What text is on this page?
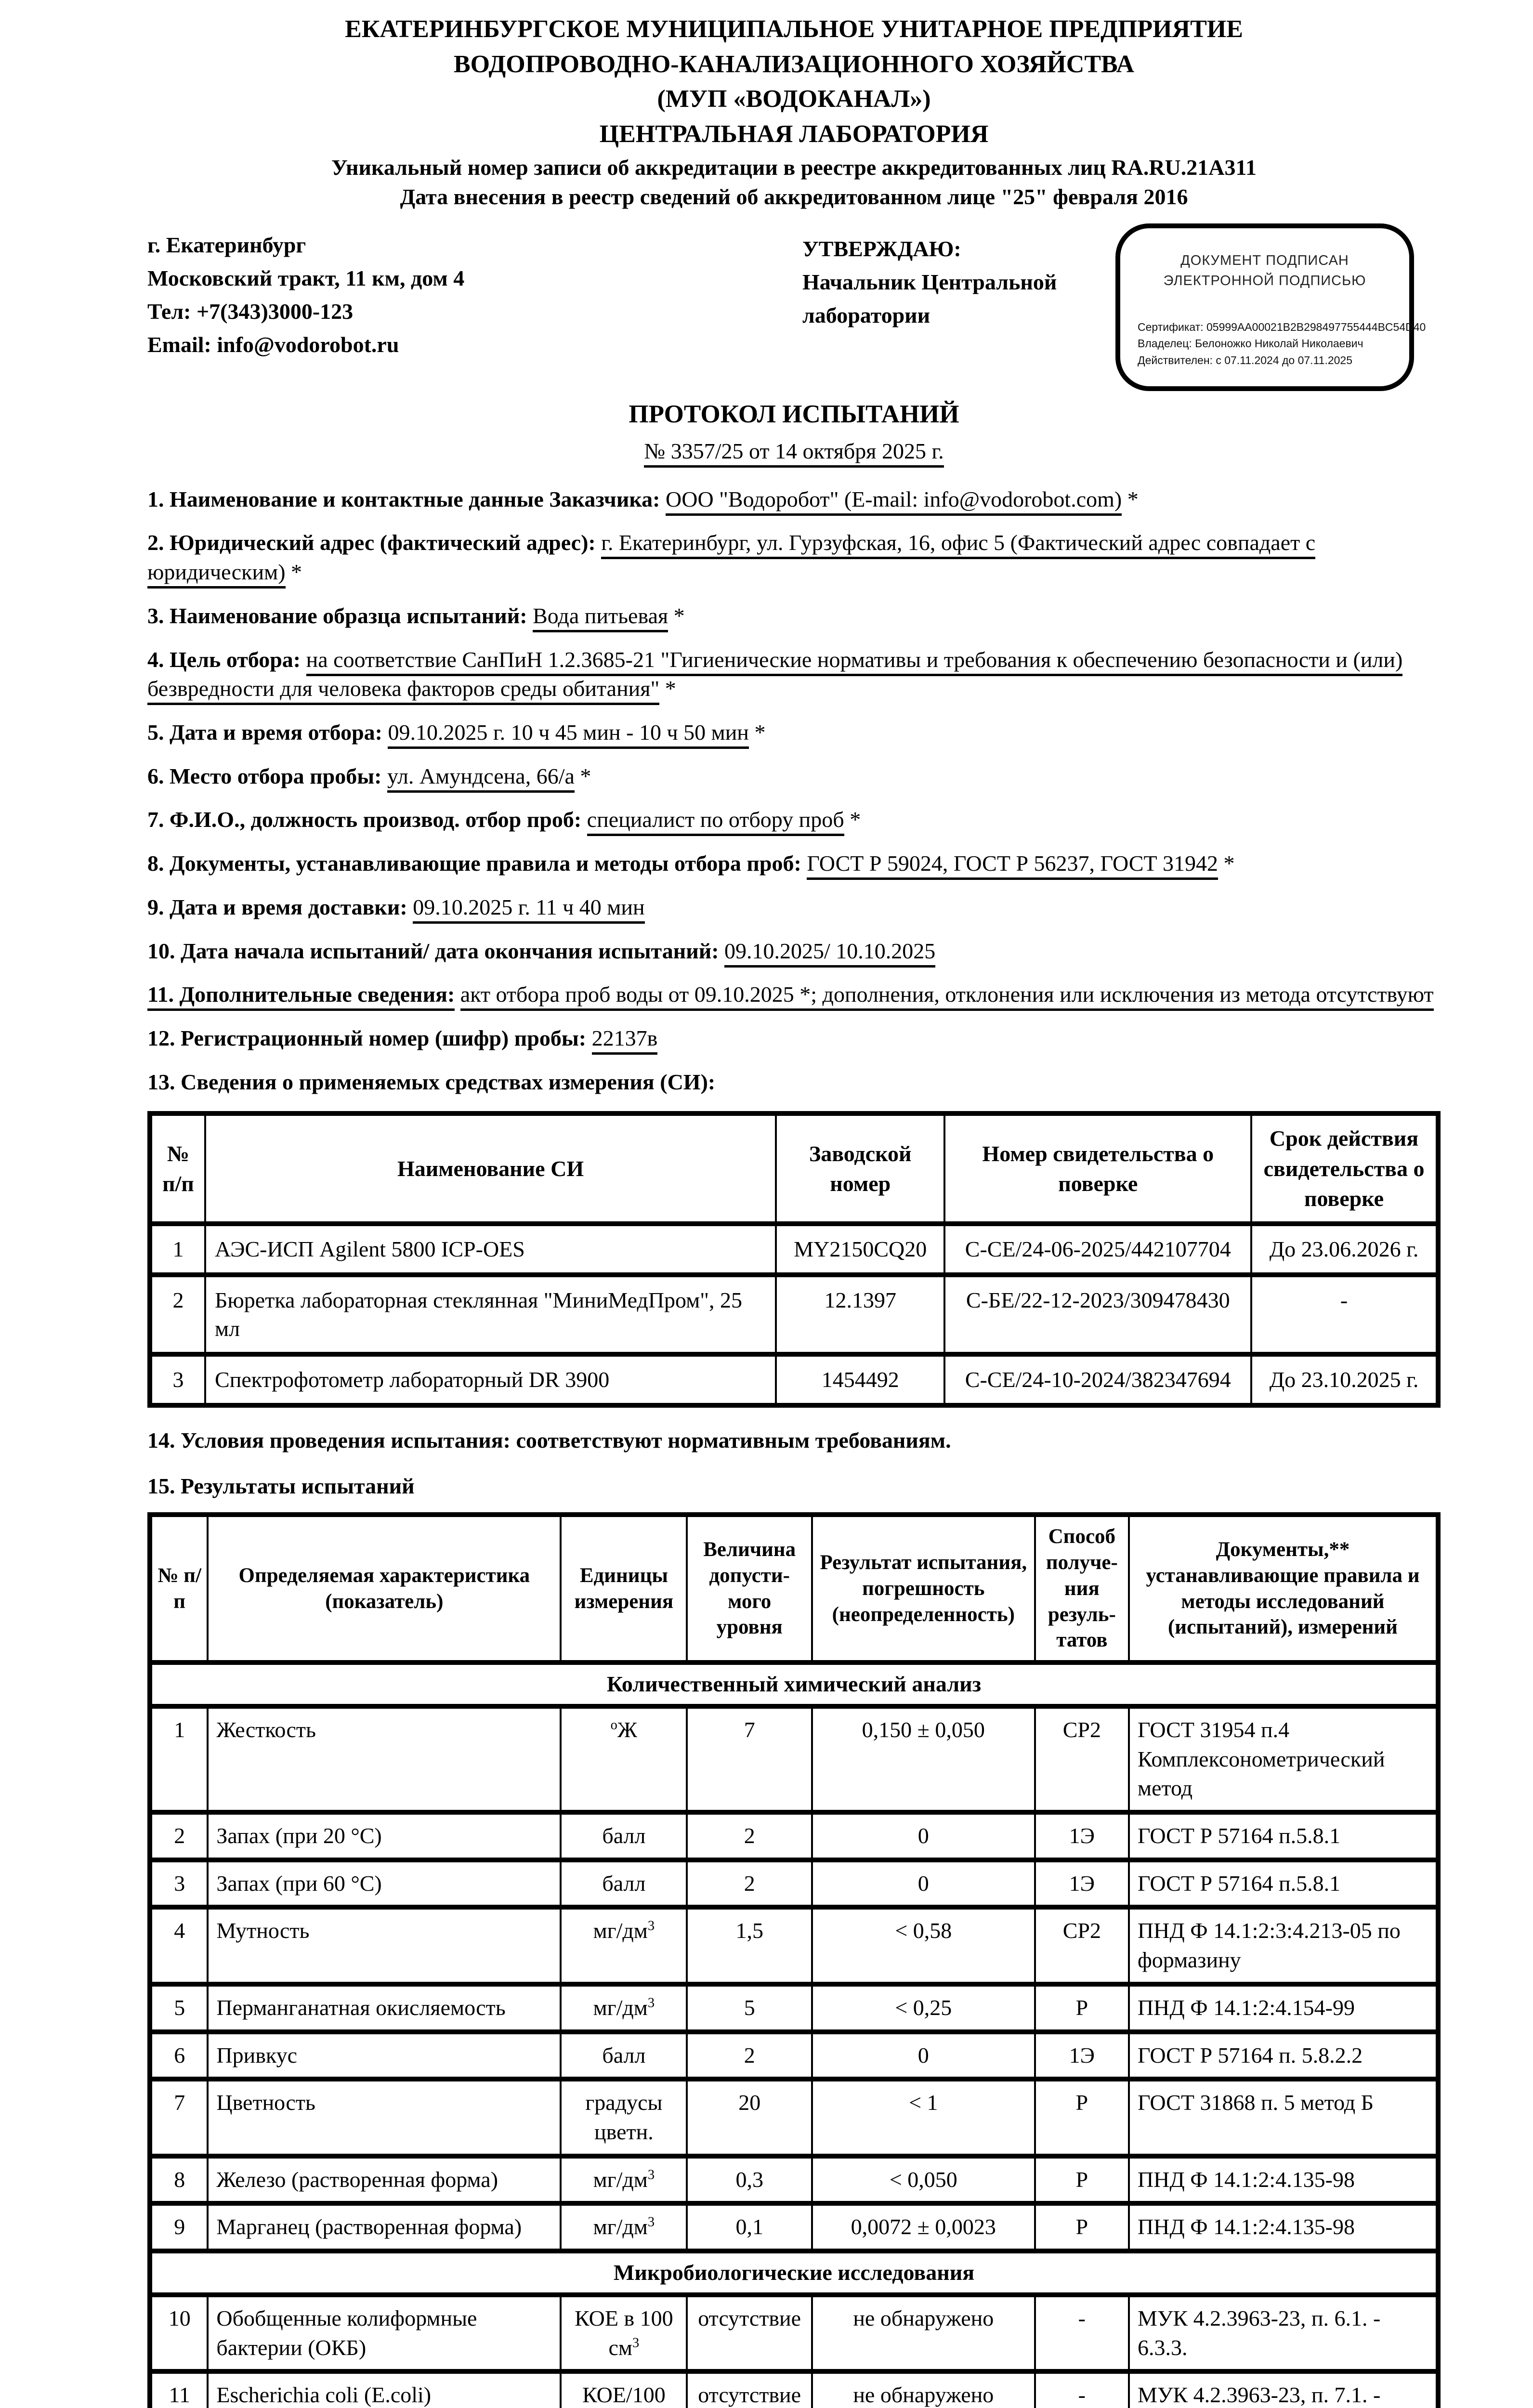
ЕКАТЕРИНБУРГСКОЕ МУНИЦИПАЛЬНОЕ УНИТАРНОЕ ПРЕДПРИЯТИЕ
ВОДОПРОВОДНО-КАНАЛИЗАЦИОННОГО ХОЗЯЙСТВА
(МУП «ВОДОКАНАЛ»)
ЦЕНТРАЛЬНАЯ ЛАБОРАТОРИЯ
Уникальный номер записи об аккредитации в реестре аккредитованных лиц RA.RU.21А311
Дата внесения в реестр сведений об аккредитованном лице "25" февраля 2016
г. Екатеринбург
Московский тракт, 11 км, дом 4
Тел: +7(343)3000-123
Email: info@vodorobot.ru
УТВЕРЖДАЮ:
Начальник Центральной
лаборатории
ДОКУМЕНТ ПОДПИСАН
ЭЛЕКТРОННОЙ ПОДПИСЬЮ
Сертификат: 05999AA00021B2B298497755444BC54D40
Владелец: Белоножко Николай Николаевич
Действителен: с 07.11.2024 до 07.11.2025
ПРОТОКОЛ ИСПЫТАНИЙ
№ 3357/25 от 14 октября 2025 г.

1. Наименование и контактные данные Заказчика: ООО "Водоробот" (E-mail: info@vodorobot.com) *

2. Юридический адрес (фактический адрес): г. Екатеринбург, ул. Гурзуфская, 16, офис 5 (Фактический адрес совпадает с юридическим) *

3. Наименование образца испытаний: Вода питьевая *

4. Цель отбора: на соответствие СанПиН 1.2.3685-21 "Гигиенические нормативы и требования к обеспечению безопасности и (или) безвредности для человека факторов среды обитания" *

5. Дата и время отбора: 09.10.2025 г. 10 ч 45 мин - 10 ч 50 мин *

6. Место отбора пробы: ул. Амундсена, 66/а *

7. Ф.И.О., должность производ. отбор проб: специалист по отбору проб *

8. Документы, устанавливающие правила и методы отбора проб: ГОСТ Р 59024, ГОСТ Р 56237, ГОСТ 31942 *

9. Дата и время доставки: 09.10.2025 г. 11 ч 40 мин

10. Дата начала испытаний/ дата окончания испытаний: 09.10.2025/ 10.10.2025

11. Дополнительные сведения: акт отбора проб воды от 09.10.2025 *; дополнения, отклонения или исключения из метода отсутствуют

12. Регистрационный номер (шифр) пробы: 22137в

13. Сведения о применяемых средствах измерения (СИ):

№ п/п	Наименование СИ	Заводской номер	Номер свидетельства о поверке	Срок действия свидетельства о поверке
1	АЭС-ИСП Agilent 5800 ICP-OES	MY2150CQ20	С-СЕ/24-06-2025/442107704	До 23.06.2026 г.
2	Бюретка лабораторная стеклянная "МиниМедПром", 25 мл	12.1397	С-БЕ/22-12-2023/309478430	-
3	Спектрофотометр лабораторный DR 3900	1454492	С-СЕ/24-10-2024/382347694	До 23.10.2025 г.

14. Условия проведения испытания: соответствуют нормативным требованиям.

15. Результаты испытаний

№ п/п	Определяемая характеристика (показатель)	Единицы измерения	Величина допусти-мого уровня	Результат испытания, погрешность (неопределенность)	Способ получе-ния резуль-татов	Документы,** устанавливающие правила и методы исследований (испытаний), измерений
Количественный химический анализ						
1	Жесткость	$^о$Ж	7	0,150 ± 0,050	СР2	ГОСТ 31954 п.4 Комплексонометрический метод
2	Запах (при 20 °С)	балл	2	0	1Э	ГОСТ Р 57164 п.5.8.1
3	Запах (при 60 °С)	балл	2	0	1Э	ГОСТ Р 57164 п.5.8.1
4	Мутность	$мг/дм^3$	1,5	< 0,58	СР2	ПНД Ф 14.1:2:3:4.213-05 по формазину
5	Перманганатная окисляемость	$мг/дм^3$	5	< 0,25	Р	ПНД Ф 14.1:2:4.154-99
6	Привкус	балл	2	0	1Э	ГОСТ Р 57164 п. 5.8.2.2
7	Цветность	градусы цветн.	20	< 1	Р	ГОСТ 31868 п. 5 метод Б
8	Железо (растворенная форма)	$мг/дм^3$	0,3	< 0,050	Р	ПНД Ф 14.1:2:4.135-98
9	Марганец (растворенная форма)	$мг/дм^3$	0,1	0,0072 ± 0,0023	Р	ПНД Ф 14.1:2:4.135-98
Микробиологические исследования						
10	Обобщенные колиформные бактерии (ОКБ)	КОЕ в 100 $см^3$	отсутствие	не обнаружено	-	МУК 4.2.3963-23, п. 6.1. - 6.3.3.
11	Escherichia coli (E.coli)	КОЕ/100	отсутствие	не обнаружено	-	МУК 4.2.3963-23, п. 7.1. -
